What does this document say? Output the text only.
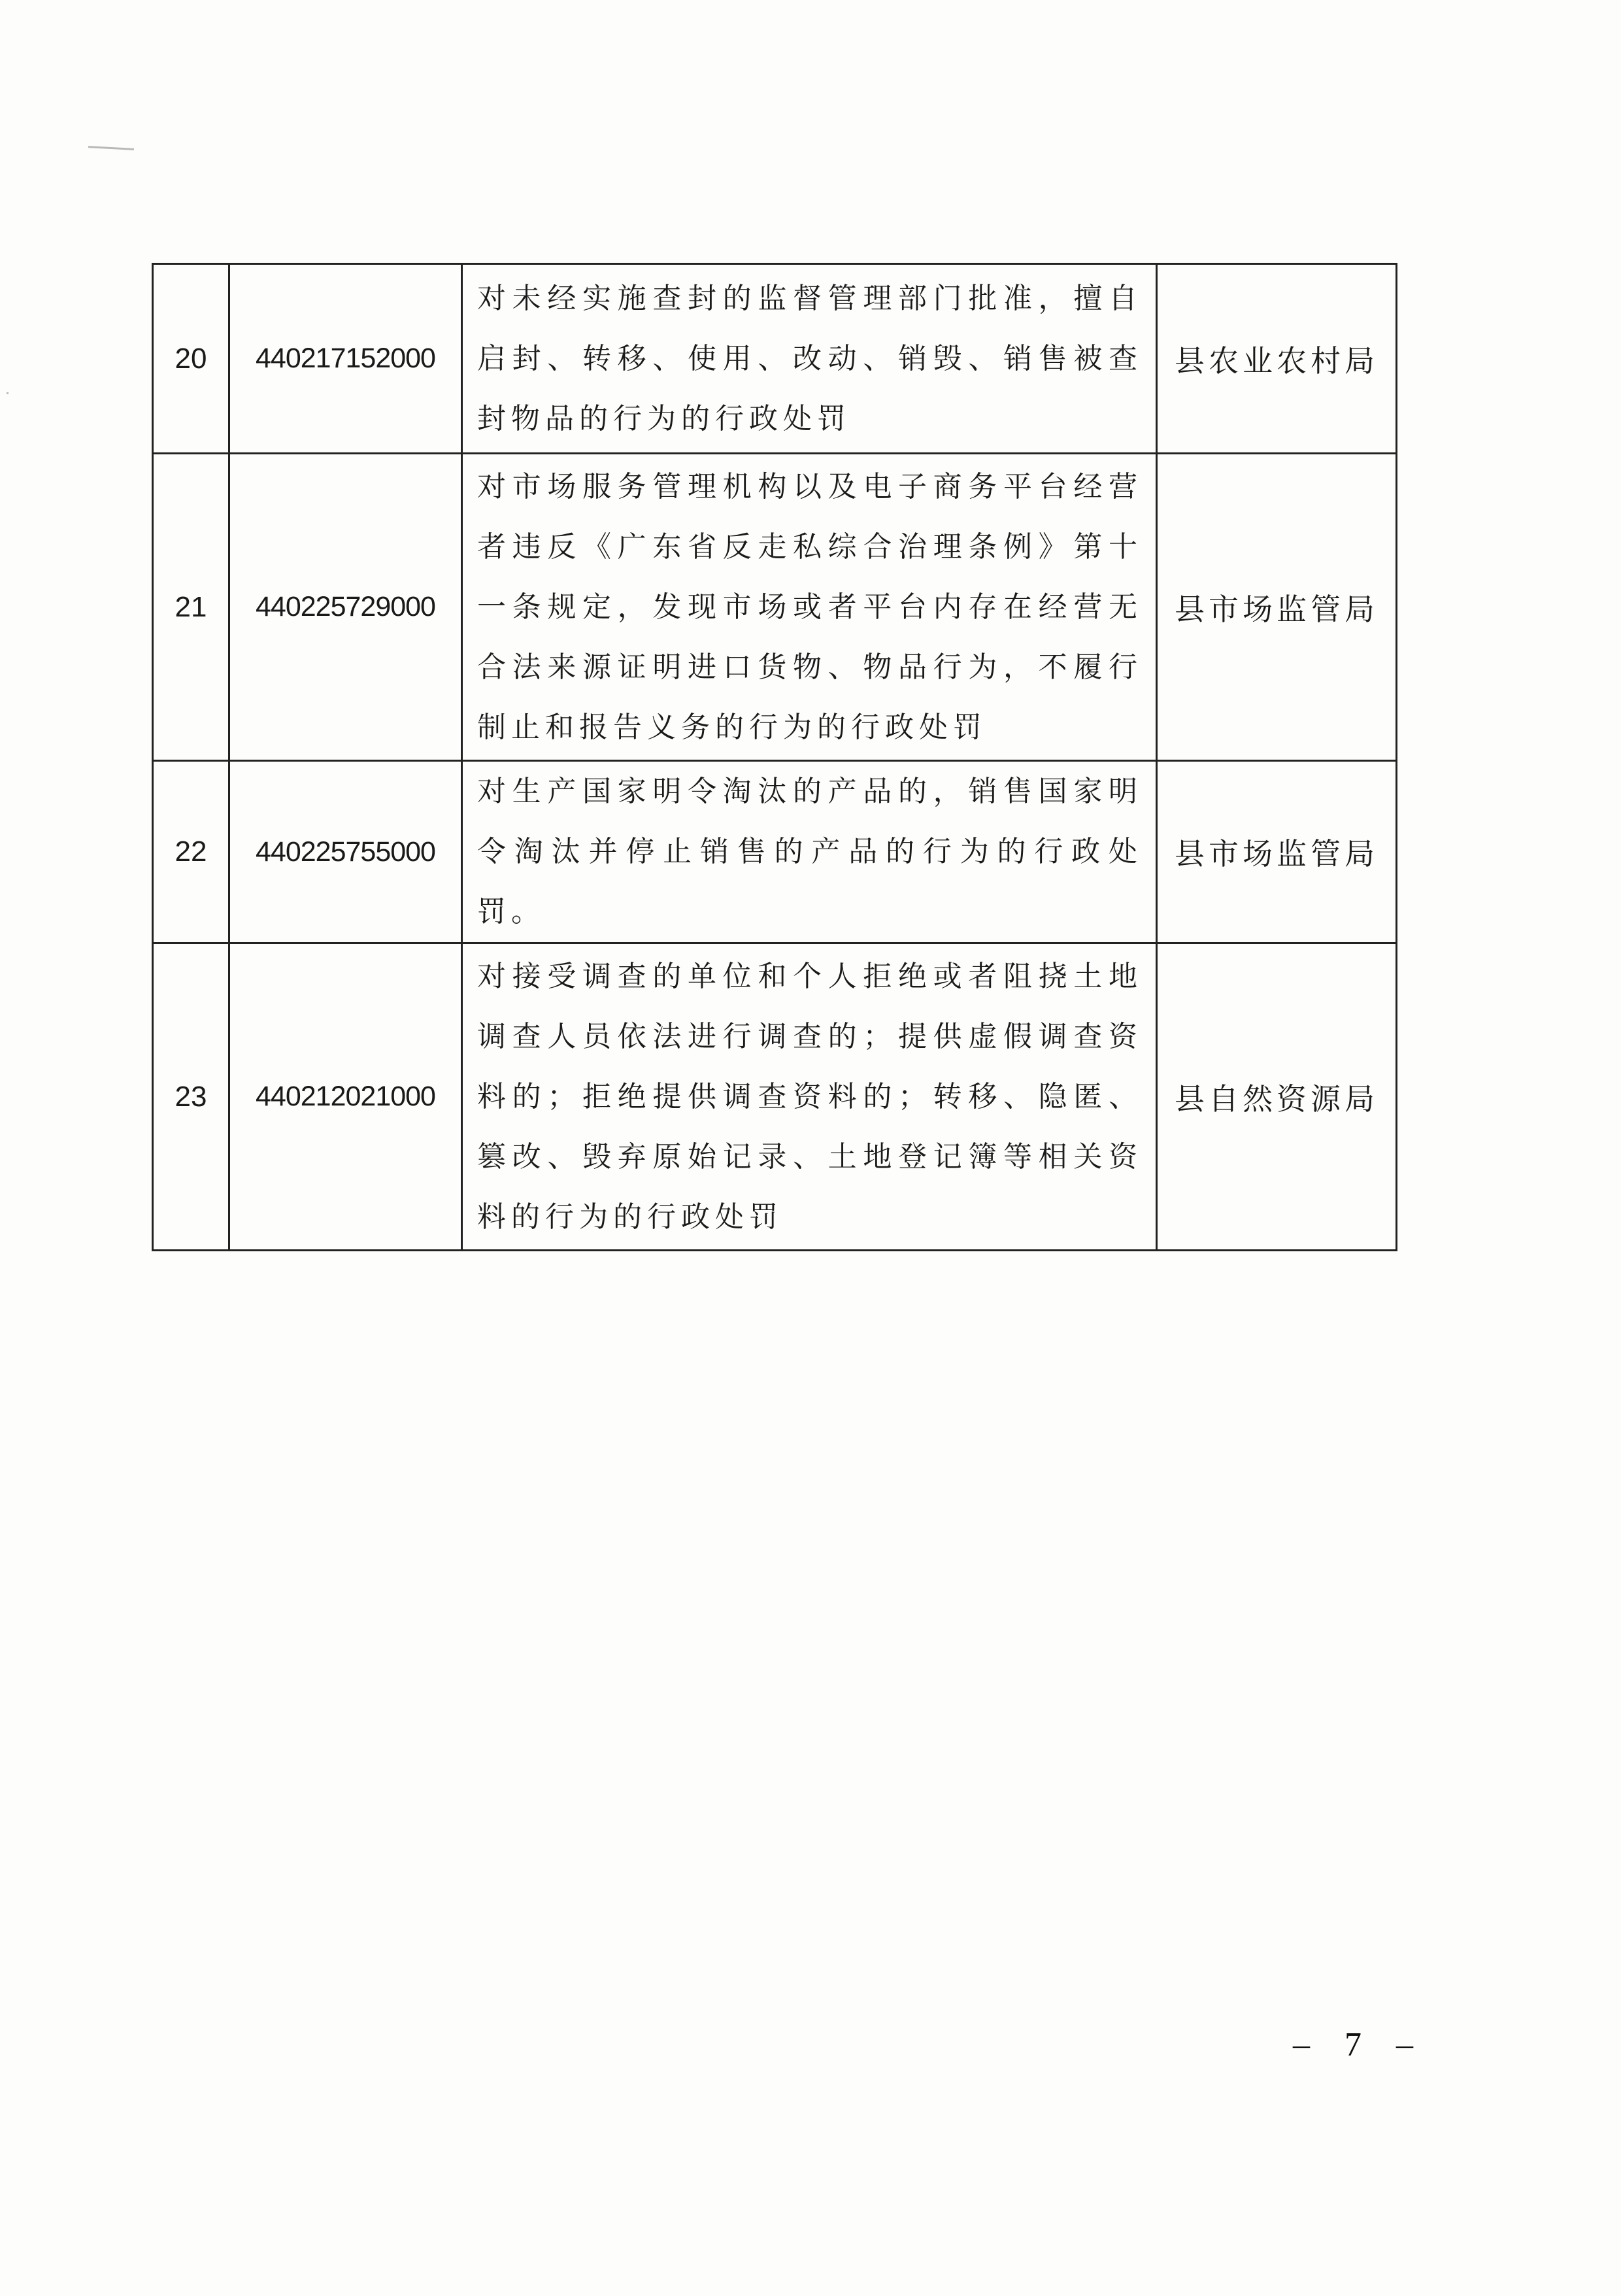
20	440217152000	对未经实施查封的监督管理部门批准，擅自启封、转移、使用、改动、销毁、销售被查封物品的行为的行政处罚	县农业农村局
21	440225729000	对市场服务管理机构以及电子商务平台经营者违反《广东省反走私综合治理条例》第十一条规定，发现市场或者平台内存在经营无合法来源证明进口货物、物品行为，不履行制止和报告义务的行为的行政处罚	县市场监管局
22	440225755000	对生产国家明令淘汰的产品的，销售国家明令淘汰并停止销售的产品的行为的行政处罚。	县市场监管局
23	440212021000	对接受调查的单位和个人拒绝或者阻挠土地调查人员依法进行调查的；提供虚假调查资料的；拒绝提供调查资料的；转移、隐匿、篡改、毁弃原始记录、土地登记簿等相关资料的行为的行政处罚	县自然资源局
– 7 –
